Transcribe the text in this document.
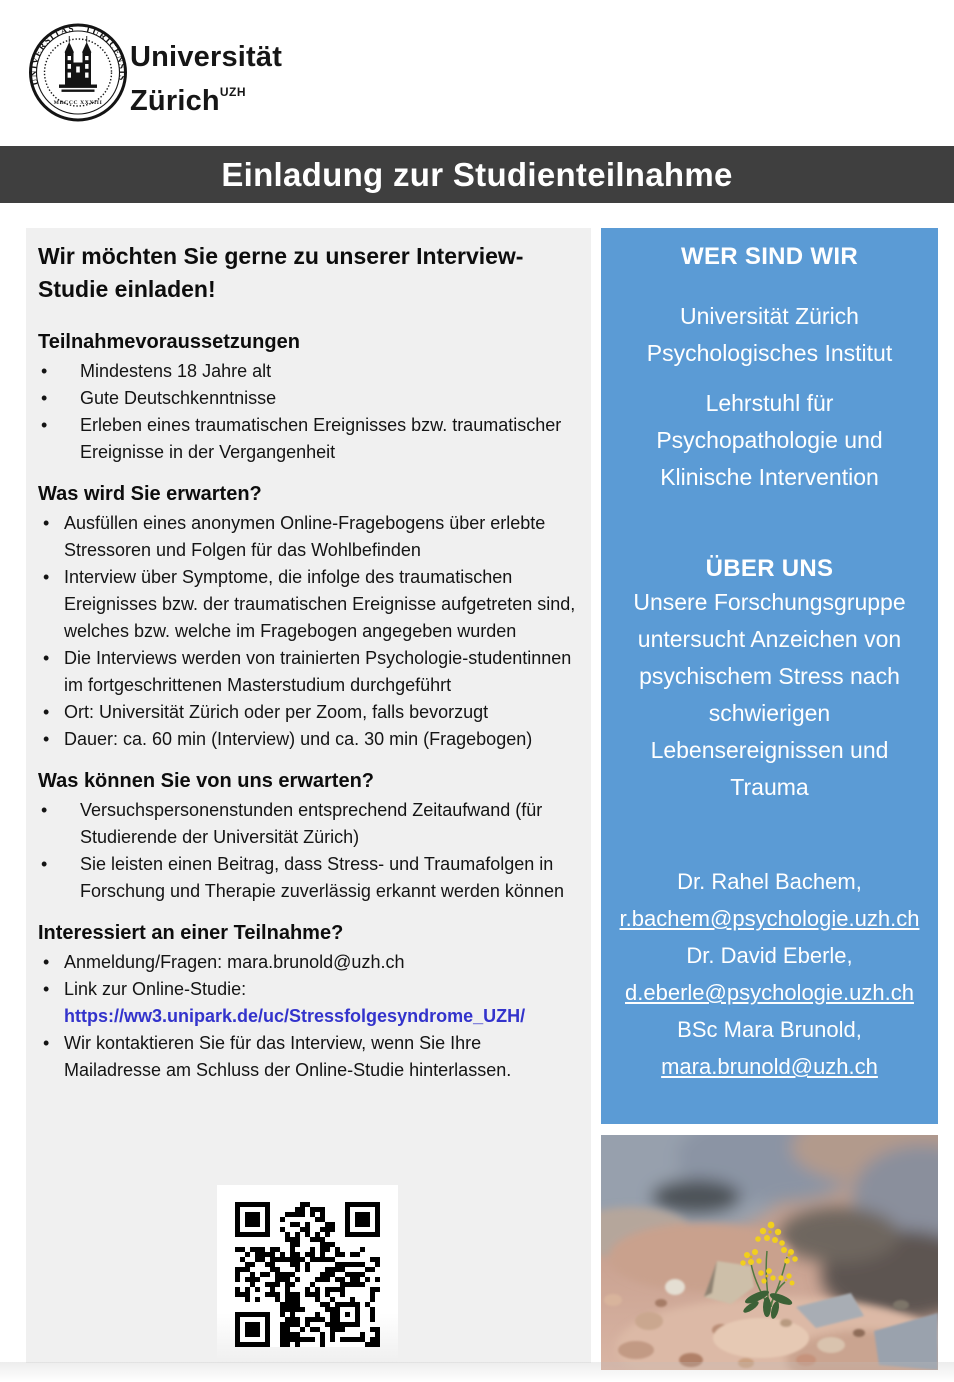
UNIVERSITAS TURICENSIS
MDCCC XXXIII
Universität
Zürich$^{UZH}$
Einladung zur Studienteilnahme
Wir möchten Sie gerne zu unserer Interview-
Studie einladen!
Teilnahmevoraussetzungen
• Mindestens 18 Jahre alt
• Gute Deutschkenntnisse
• Erleben eines traumatischen Ereignisses bzw. traumatischer Ereignisse in der Vergangenheit
Was wird Sie erwarten?
• Ausfüllen eines anonymen Online-Fragebogens über erlebte Stressoren und Folgen für das Wohlbefinden
• Interview über Symptome, die infolge des traumatischen Ereignisses bzw. der traumatischen Ereignisse aufgetreten sind, welches bzw. welche im Fragebogen angegeben wurden
• Die Interviews werden von trainierten Psychologie-studentinnen im fortgeschrittenen Masterstudium durchgeführt
• Ort: Universität Zürich oder per Zoom, falls bevorzugt
• Dauer: ca. 60 min (Interview) und ca. 30 min (Fragebogen)
Was können Sie von uns erwarten?
• Versuchspersonenstunden entsprechend Zeitaufwand (für Studierende der Universität Zürich)
• Sie leisten einen Beitrag, dass Stress- und Traumafolgen in Forschung und Therapie zuverlässig erkannt werden können
Interessiert an einer Teilnahme?
• Anmeldung/Fragen: mara.brunold@uzh.ch
• Link zur Online-Studie:
https://ww3.unipark.de/uc/Stressfolgesyndrome_UZH/
• Wir kontaktieren Sie für das Interview, wenn Sie Ihre Mailadresse am Schluss der Online-Studie hinterlassen.
WER SIND WIR
Universität Zürich
Psychologisches Institut
Lehrstuhl für
Psychopathologie und
Klinische Intervention
ÜBER UNS

Unsere Forschungsgruppe untersucht Anzeichen von psychischem Stress nach schwierigen Lebensereignissen und Trauma

Dr. Rahel Bachem,
r.bachem@psychologie.uzh.ch
Dr. David Eberle,
d.eberle@psychologie.uzh.ch
BSc Mara Brunold,
mara.brunold@uzh.ch
